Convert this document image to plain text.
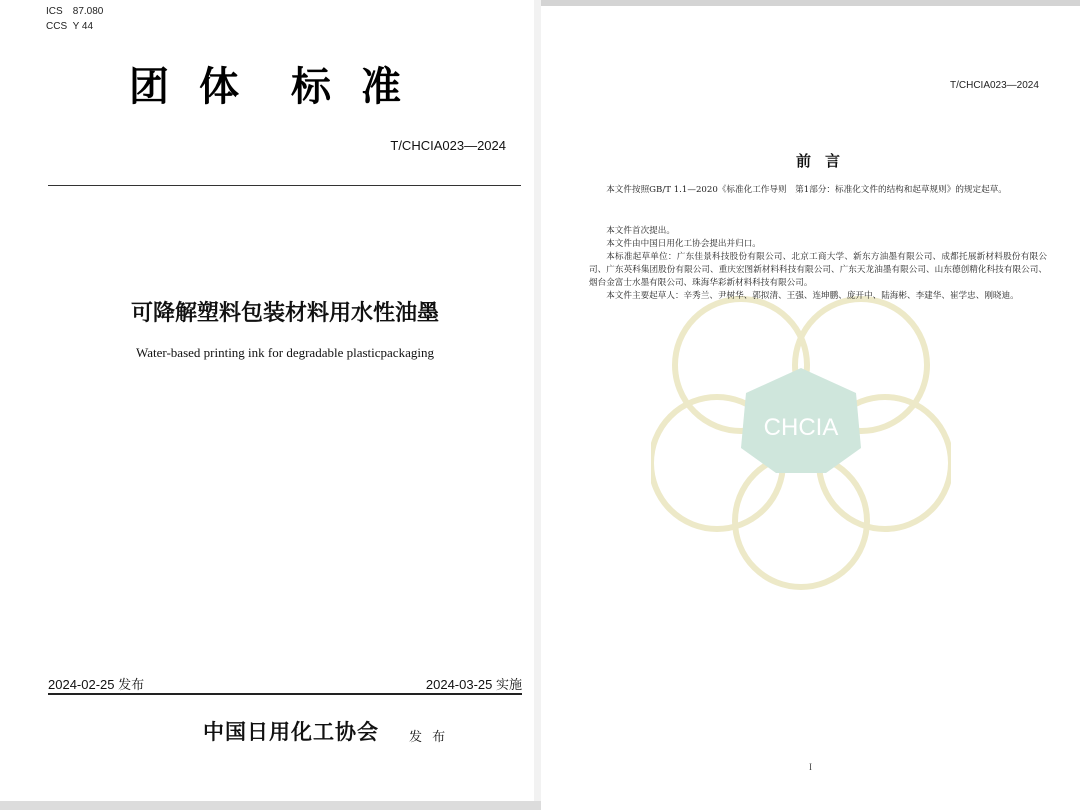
ICS 87.080
CCS Y 44
团 体 标 准
T/CHCIA023—2024
可降解塑料包装材料用水性油墨
Water-based printing ink for degradable plasticpackaging
2024-02-25 发布	2024-03-25 实施
中国日用化工协会 发 布
CHCIA
T/CHCIA023—2024
前言
本文件按照GB/T 1.1—2020《标准化工作导则　第1部分：标准化文件的结构和起草规则》的规定起草。
本文件首次提出。
本文件由中国日用化工协会提出并归口。
本标准起草单位：广东佳景科技股份有限公司、北京工商大学、新东方油墨有限公司、成都托展新材料股份有限公司、广东英科集团股份有限公司、重庆宏图新材料科技有限公司、广东天龙油墨有限公司、山东德创精化科技有限公司、烟台金富士水墨有限公司、珠海华彩新材料科技有限公司。
本文件主要起草人：辛秀兰、尹树华、郭拟清、王强、连坤鹏、庞开中、陆海彬、李建华、崔学忠、刚晓迪。
I
